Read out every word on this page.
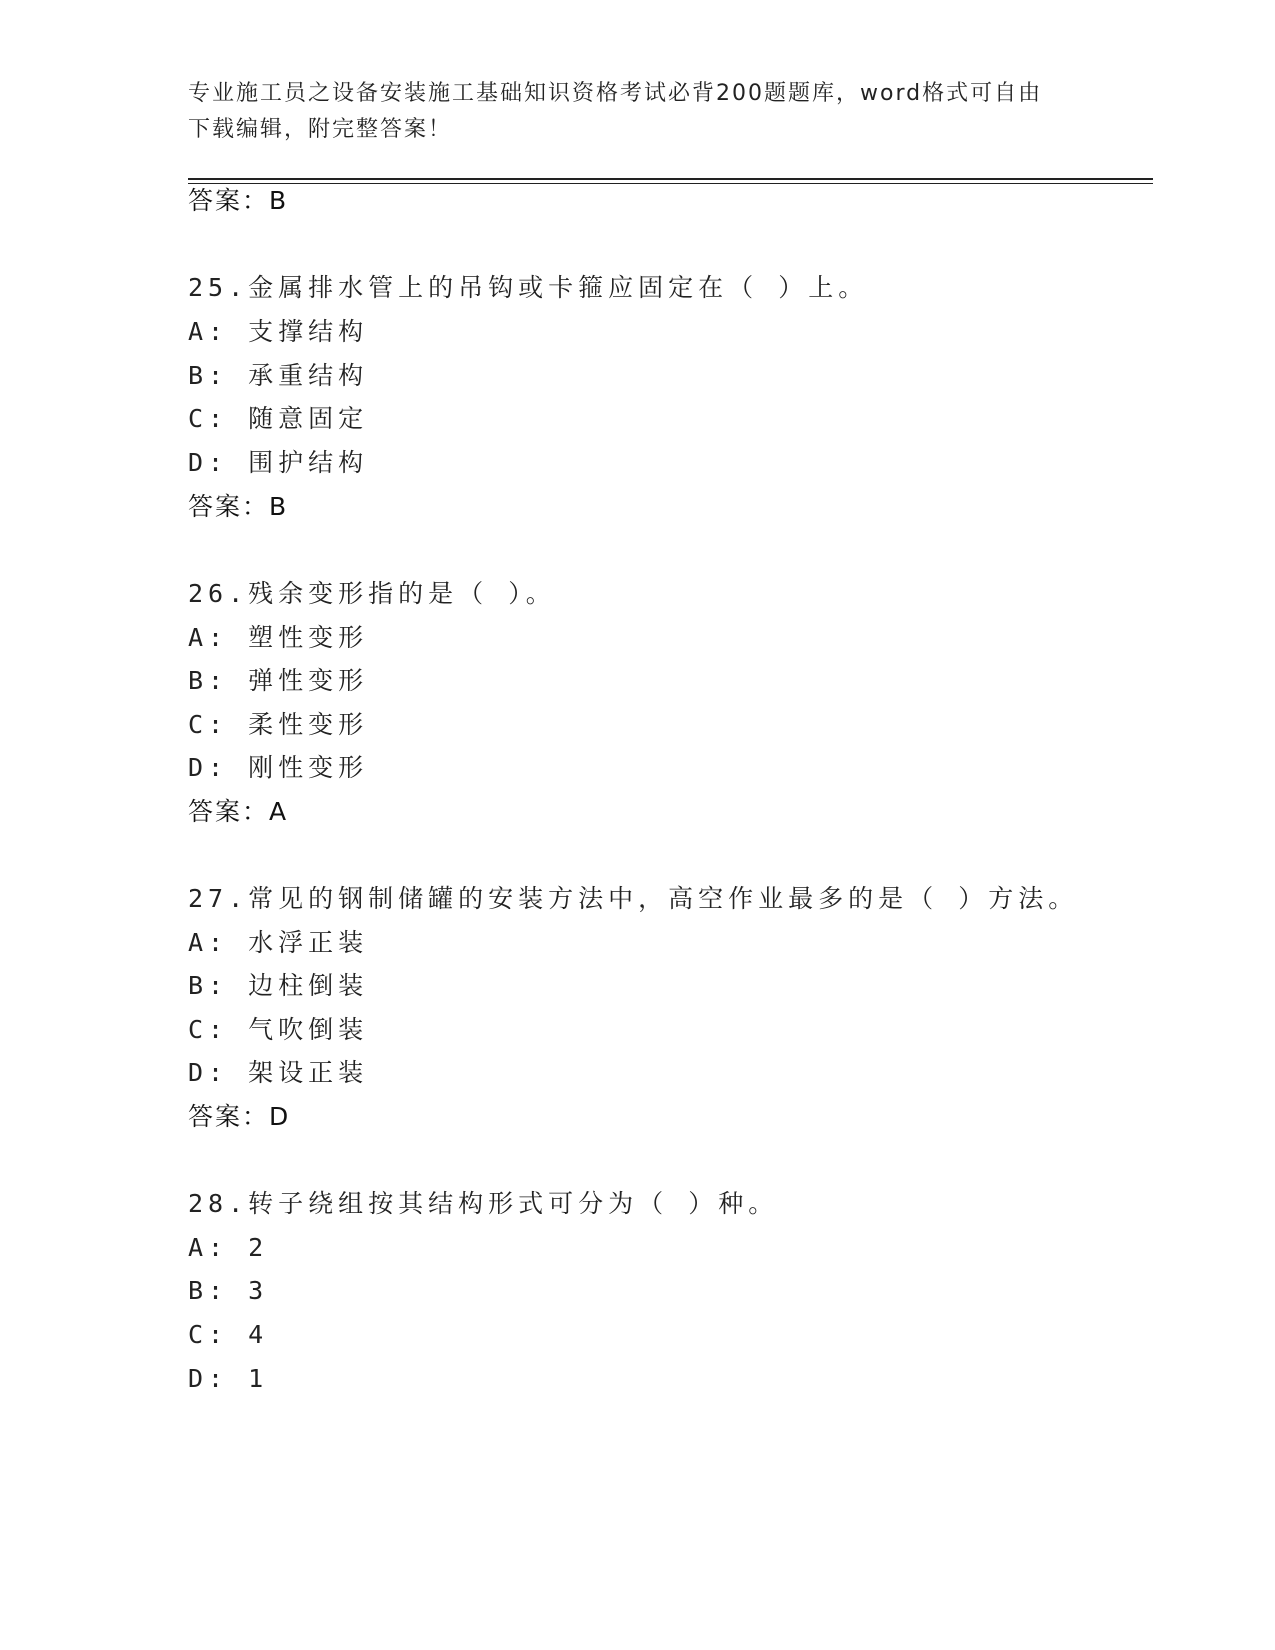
专业施工员之设备安装施工基础知识资格考试必背200题题库，word格式可自由
下载编辑，附完整答案！
答案：B
25.金属排水管上的吊钩或卡箍应固定在（ ）上。
A: 支撑结构
B: 承重结构
C: 随意固定
D: 围护结构
答案：B
26.残余变形指的是（ ）。
A: 塑性变形
B: 弹性变形
C: 柔性变形
D: 刚性变形
答案：A
27.常见的钢制储罐的安装方法中，高空作业最多的是（ ）方法。
A: 水浮正装
B: 边柱倒装
C: 气吹倒装
D: 架设正装
答案：D
28.转子绕组按其结构形式可分为（ ）种。
A: 2
B: 3
C: 4
D: 1
